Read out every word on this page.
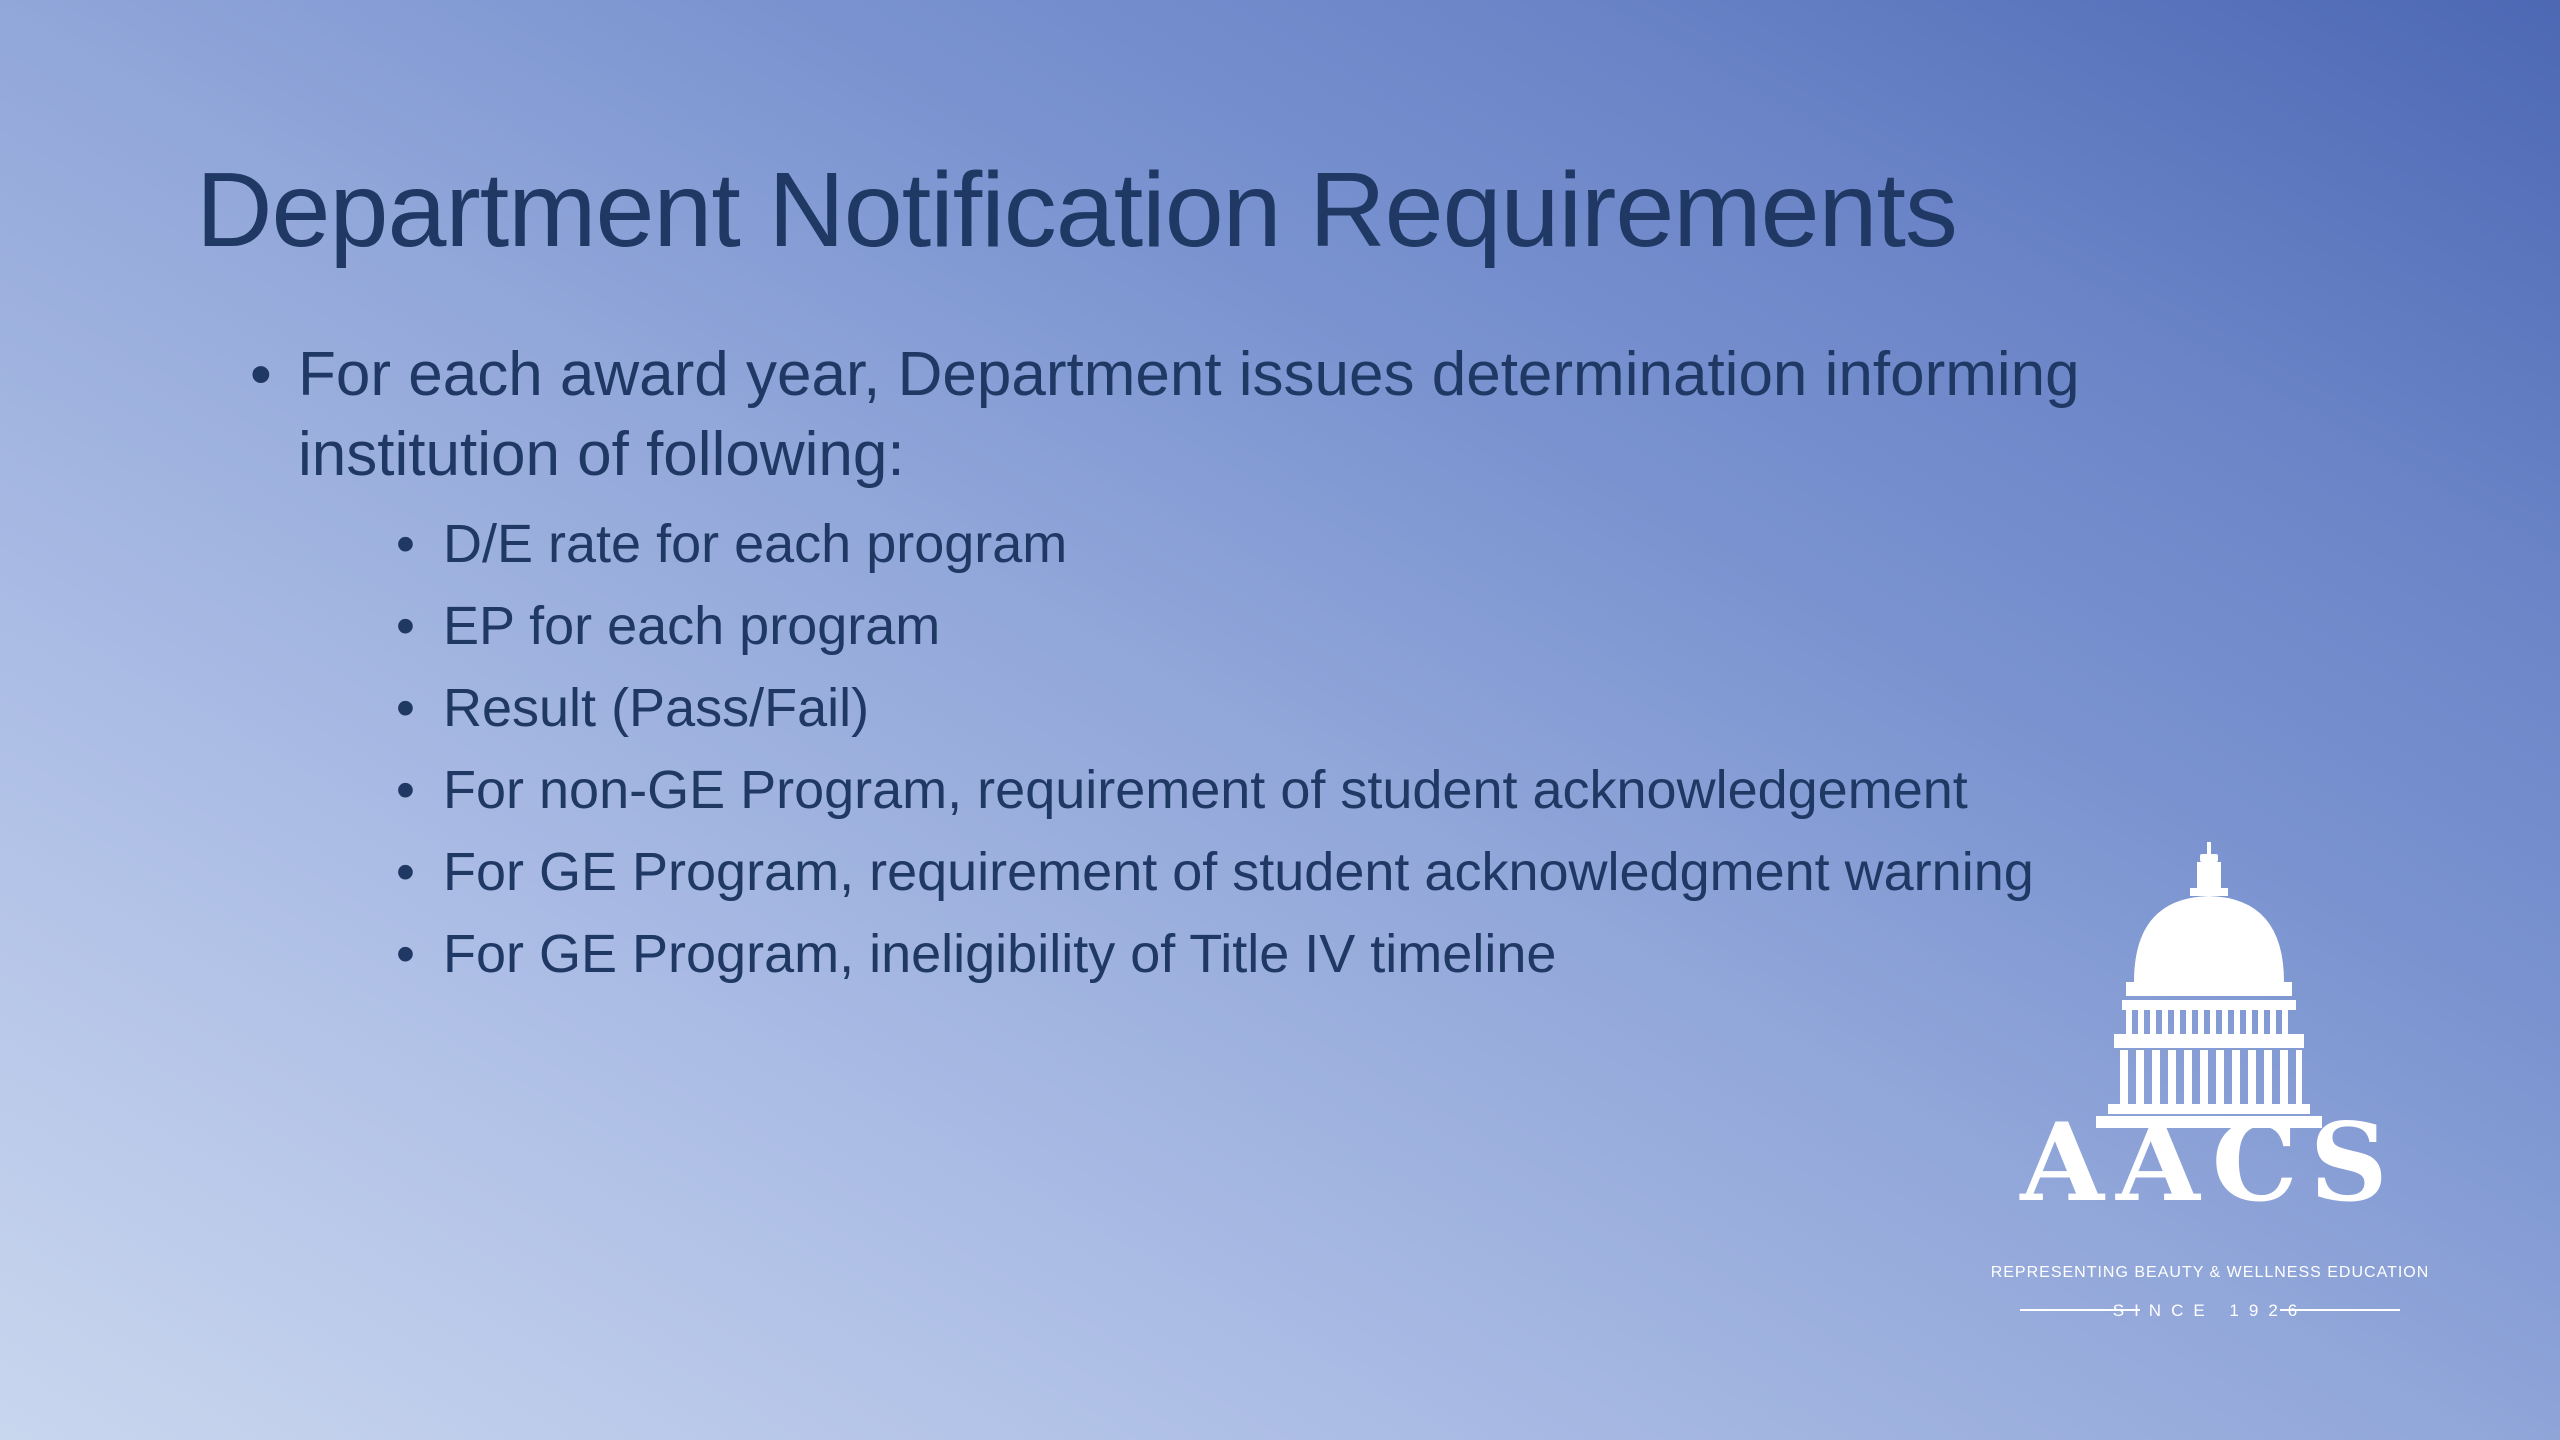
Department Notification Requirements
• For each award year, Department issues determination informing institution of following:
• D/E rate for each program
• EP for each program
• Result (Pass/Fail)
• For non-GE Program, requirement of student acknowledgement
• For GE Program, requirement of student acknowledgment warning
• For GE Program, ineligibility of Title IV timeline
AACS
REPRESENTING BEAUTY & WELLNESS EDUCATION
SINCE 1926
